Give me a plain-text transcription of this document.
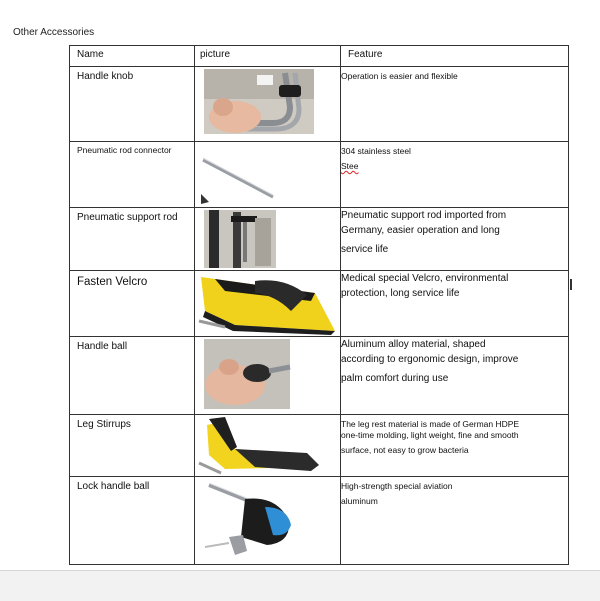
Other Accessories
Name	picture	Feature

Handle knob		Operation is easier and flexible

Pneumatic rod connector		304 stainless steel
Stee

Pneumatic support rod		Pneumatic support rod imported from
Germany, easier operation and long
service life

Fasten Velcro		Medical special Velcro, environmental
protection, long service life

Handle ball		Aluminum alloy material, shaped
according to ergonomic design, improve
palm comfort during use

Leg Stirrups		The leg rest material is made of German HDPE
one-time molding, light weight, fine and smooth
surface, not easy to grow bacteria

Lock handle ball		High-strength special aviation
aluminum
